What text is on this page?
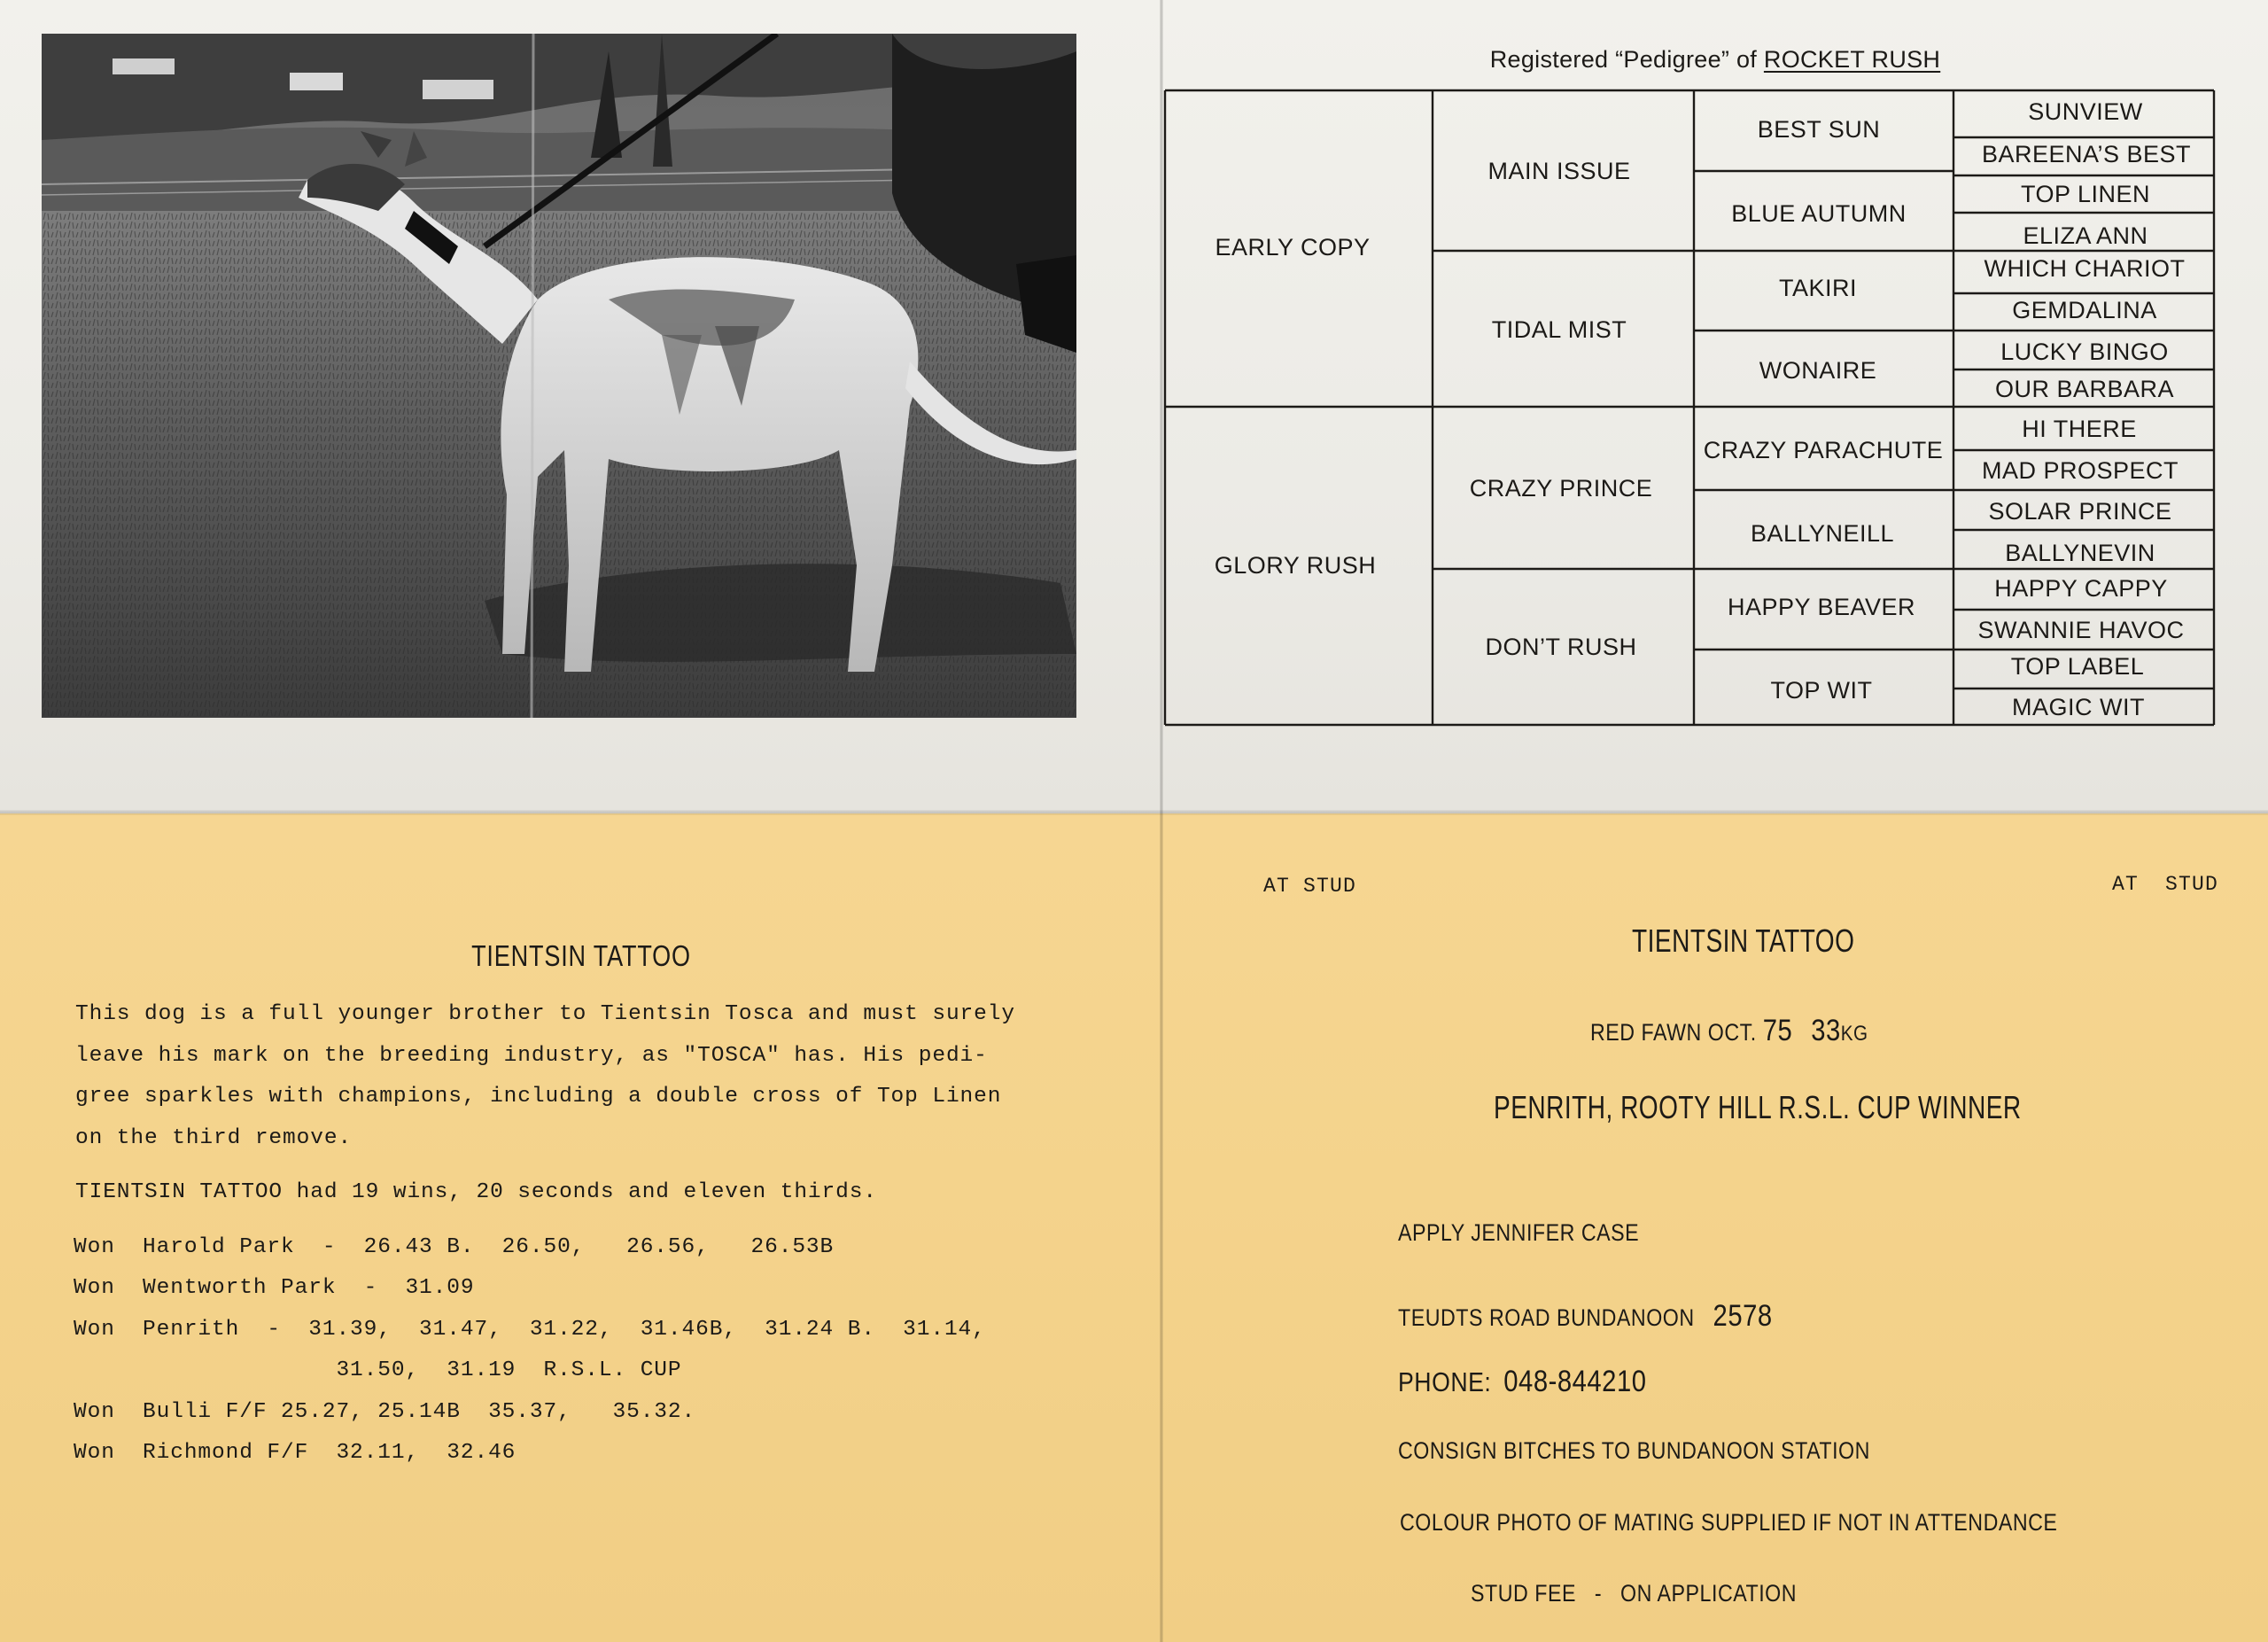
Registered “Pedigree” of ROCKET RUSH
EARLY COPY
GLORY RUSH
MAIN ISSUE
TIDAL MIST
CRAZY PRINCE
DON’T RUSH
BEST SUN
BLUE AUTUMN
TAKIRI
WONAIRE
CRAZY PARACHUTE
BALLYNEILL
HAPPY BEAVER
TOP WIT
SUNVIEW
BAREENA’S BEST
TOP LINEN
ELIZA ANN
WHICH CHARIOT
GEMDALINA
LUCKY BINGO
OUR BARBARA
HI THERE
MAD PROSPECT
SOLAR PRINCE
BALLYNEVIN
HAPPY CAPPY
SWANNIE HAVOC
TOP LABEL
MAGIC WIT
TIENTSIN TATTOO
This dog is a full younger brother to Tientsin Tosca and must surely
leave his mark on the breeding industry, as "TOSCA" has. His pedi-
gree sparkles with champions, including a double cross of Top Linen
on the third remove.
TIENTSIN TATTOO had 19 wins, 20 seconds and eleven thirds.
Won  Harold Park  -  26.43 B.  26.50,   26.56,   26.53B
Won  Wentworth Park  -  31.09
Won  Penrith  -  31.39,  31.47,  31.22,  31.46B,  31.24 B.  31.14,
31.50,  31.19  R.S.L. CUP
Won  Bulli F/F 25.27, 25.14B  35.37,   35.32.
Won  Richmond F/F  32.11,  32.46
AT STUD	AT  STUD
TIENTSIN TATTOO
RED FAWN OCT. 75 33KG
PENRITH, ROOTY HILL R.S.L. CUP WINNER
APPLY JENNIFER CASE
TEUDTS ROAD BUNDANOON 2578
PHONE: 048-844210
CONSIGN BITCHES TO BUNDANOON STATION
COLOUR PHOTO OF MATING SUPPLIED IF NOT IN ATTENDANCE
STUD FEE   -   ON APPLICATION
